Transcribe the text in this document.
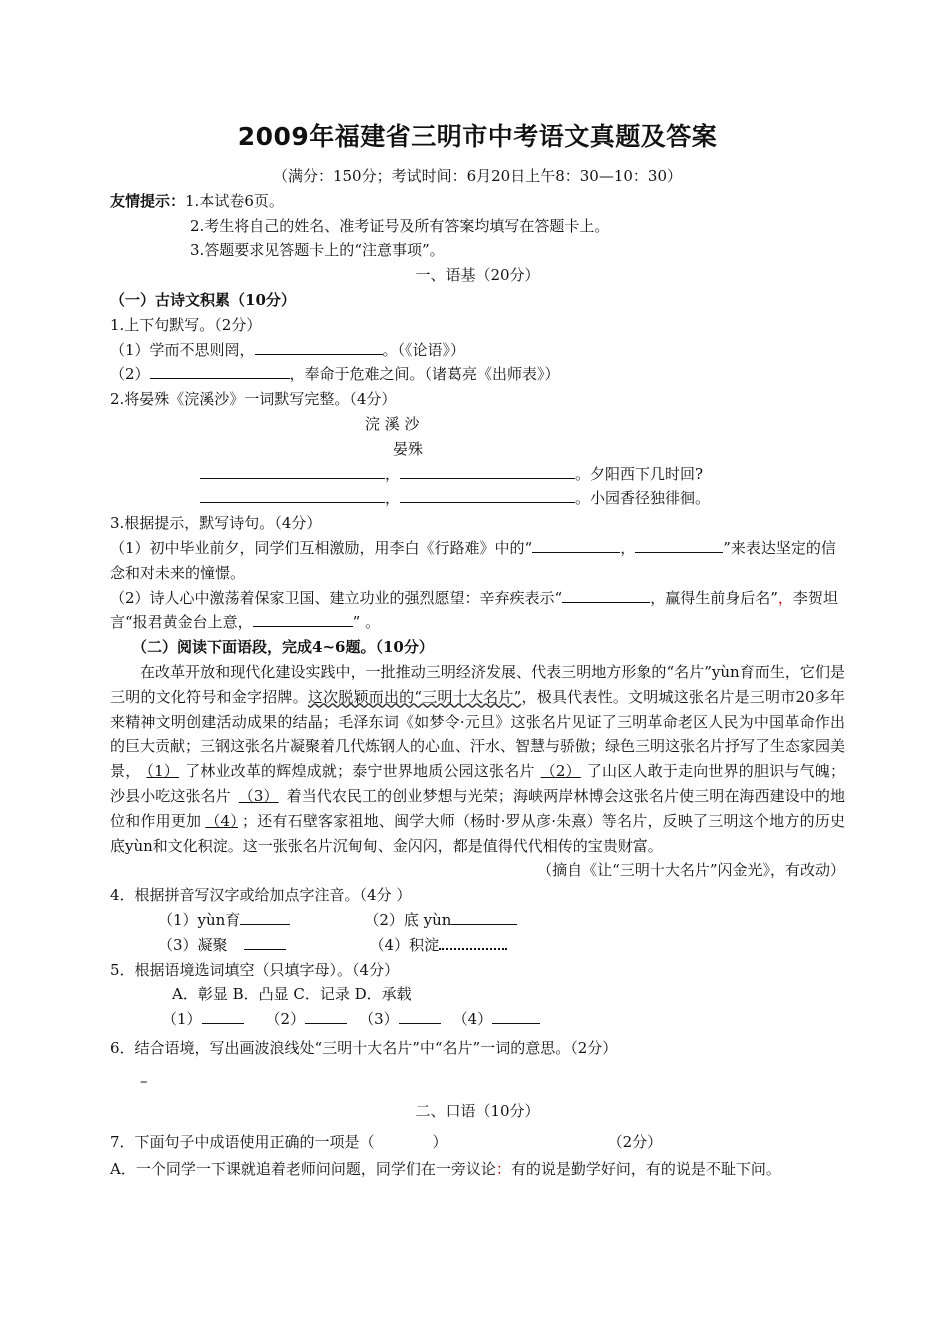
2009年福建省三明市中考语文真题及答案
（满分：150分；考试时间：6月20日上午8：30—10：30）
友情提示：1.本试卷6页。
2.考生将自己的姓名、准考证号及所有答案均填写在答题卡上。
3.答题要求见答题卡上的“注意事项”。
一、语基（20分）
（一）古诗文积累（10分）
1.上下句默写。（2分）
（1）学而不思则罔，	。（《论语》）
（2）	，奉命于危难之间。（诸葛亮《出师表》）
2.将晏殊《浣溪沙》一词默写完整。（4分）
浣 溪 沙
晏殊
，	。夕阳西下几时回?
，	。小园香径独徘徊。
3.根据提示，默写诗句。（4分）
（1）初中毕业前夕，同学们互相激励，用李白《行路难》中的“	，	”来表达坚定的信念和对未来的憧憬。
（2）诗人心中激荡着保家卫国、建立功业的强烈愿望：辛弃疾表示“	，赢得生前身后名”，李贺坦言“报君黄金台上意，	” 。
（二）阅读下面语段，完成4~6题。（10分）
在改革开放和现代化建设实践中，一批推动三明经济发展、代表三明地方形象的“名片”yùn育而生，它们是三明的文化符号和金字招牌。这次脱颖而出的“三明十大名片”，极具代表性。文明城这张名片是三明市20多年来精神文明创建活动成果的结晶；毛泽东词《如梦令·元旦》这张名片见证了三明革命老区人民为中国革命作出的巨大贡献；三钢这张名片凝聚着几代炼钢人的心血、汗水、智慧与骄傲；绿色三明这张名片抒写了生态家园美景， （1） 了林业改革的辉煌成就；泰宁世界地质公园这张名片 （2） 了山区人敢于走向世界的胆识与气魄；沙县小吃这张名片 （3） 着当代农民工的创业梦想与光荣；海峡两岸林博会这张名片使三明在海西建设中的地位和作用更加 （4） ；还有石壁客家祖地、闽学大师（杨时·罗从彦·朱熹）等名片，反映了三明这个地方的历史底yùn和文化积淀。这一张张名片沉甸甸、金闪闪，都是值得代代相传的宝贵财富。
（摘自《让“三明十大名片”闪金光》，有改动）
4．根据拼音写汉字或给加点字注音。（4分 ）
（1）yùn育	（2）底 yùn
（3）凝聚	（4）积淀
5．根据语境选词填空（只填字母）。（4分）
A．彰显 B．凸显 C．记录 D．承载
（1）	（2）	（3）	（4）
6．结合语境，写出画波浪线处“三明十大名片”中“名片”一词的意思。（2分）
–
二、口语（10分）
7．下面句子中成语使用正确的一项是（	）	（2分）
A．一个同学一下课就追着老师问问题，同学们在一旁议论：有的说是勤学好问，有的说是不耻下问。
